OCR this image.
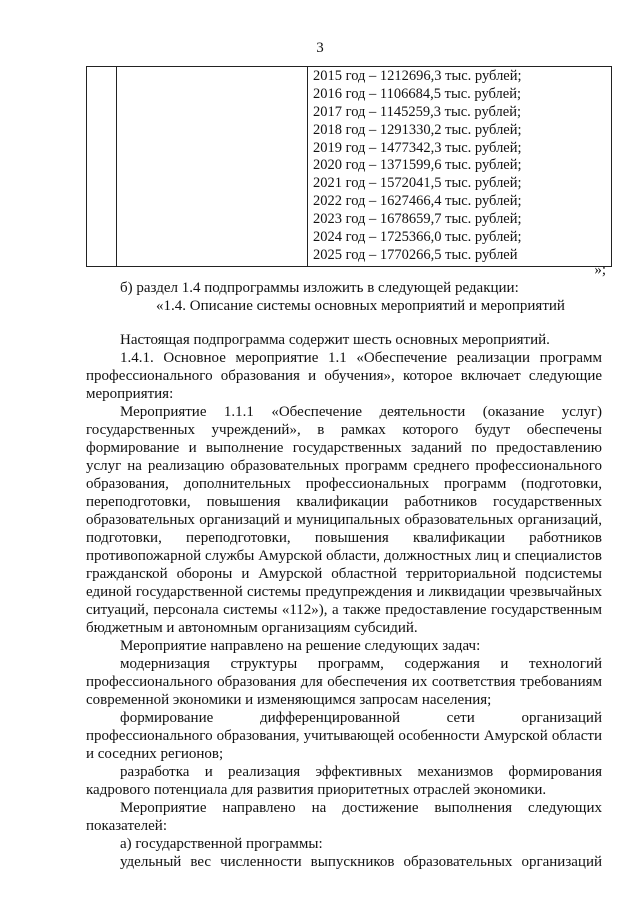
3

2015 год – 1212696,3 тыс. рублей;
2016 год – 1106684,5 тыс. рублей;
2017 год – 1145259,3 тыс. рублей;
2018 год – 1291330,2 тыс. рублей;
2019 год – 1477342,3 тыс. рублей;
2020 год – 1371599,6 тыс. рублей;
2021 год – 1572041,5 тыс. рублей;
2022 год – 1627466,4 тыс. рублей;
2023 год – 1678659,7 тыс. рублей;
2024 год – 1725366,0 тыс. рублей;
2025 год – 1770266,5 тыс. рублей
»;

б) раздел 1.4 подпрограммы изложить в следующей редакции:

«1.4. Описание системы основных мероприятий и мероприятий

Настоящая подпрограмма содержит шесть основных мероприятий.

1.4.1. Основное мероприятие 1.1 «Обеспечение реализации программ профессионального образования и обучения», которое включает следующие мероприятия:

Мероприятие 1.1.1 «Обеспечение деятельности (оказание услуг) государственных учреждений», в рамках которого будут обеспечены формирование и выполнение государственных заданий по предоставлению услуг на реализацию образовательных программ среднего профессионального образования, дополнительных профессиональных программ (подготовки, переподготовки, повышения квалификации работников государственных образовательных организаций и муниципальных образовательных организаций, подготовки, переподготовки, повышения квалификации работников противопожарной службы Амурской области, должностных лиц и специалистов гражданской обороны и Амурской областной территориальной подсистемы единой государственной системы предупреждения и ликвидации чрезвычайных ситуаций, персонала системы «112»), а также предоставление государственным бюджетным и автономным организациям субсидий.

Мероприятие направлено на решение следующих задач:

модернизация структуры программ, содержания и технологий профессионального образования для обеспечения их соответствия требованиям современной экономики и изменяющимся запросам населения;

формирование дифференцированной сети организаций профессионального образования, учитывающей особенности Амурской области и соседних регионов;

разработка и реализация эффективных механизмов формирования кадрового потенциала для развития приоритетных отраслей экономики.

Мероприятие направлено на достижение выполнения следующих показателей:

а) государственной программы:

удельный вес численности выпускников образовательных организаций
